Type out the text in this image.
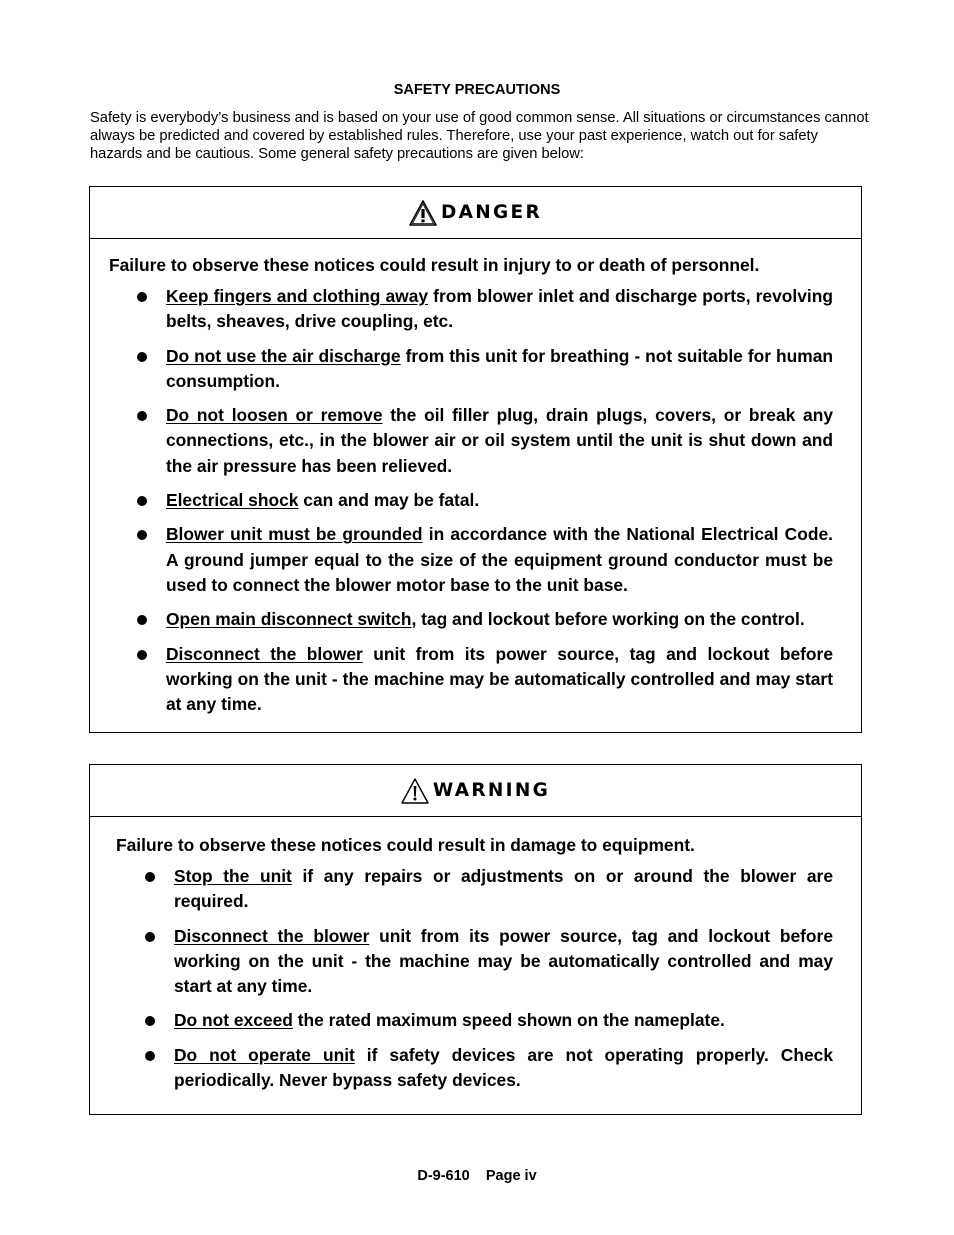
SAFETY PRECAUTIONS
Safety is everybody’s business and is based on your use of good common sense. All situations or circumstances cannot always be predicted and covered by established rules. Therefore, use your past experience, watch out for safety hazards and be cautious. Some general safety precautions are given below:
DANGER
Failure to observe these notices could result in injury to or death of personnel.
Keep fingers and clothing away from blower inlet and discharge ports, revolving belts, sheaves, drive coupling, etc.
Do not use the air discharge from this unit for breathing - not suitable for human consumption.
Do not loosen or remove the oil filler plug, drain plugs, covers, or break any connections, etc., in the blower air or oil system until the unit is shut down and the air pressure has been relieved.
Electrical shock can and may be fatal.
Blower unit must be grounded in accordance with the National Electrical Code. A ground jumper equal to the size of the equipment ground conductor must be used to connect the blower motor base to the unit base.
Open main disconnect switch, tag and lockout before working on the control.
Disconnect the blower unit from its power source, tag and lockout before working on the unit - the machine may be automatically controlled and may start at any time.
WARNING
Failure to observe these notices could result in damage to equipment.
Stop the unit if any repairs or adjustments on or around the blower are required.
Disconnect the blower unit from its power source, tag and lockout before working on the unit - the machine may be automatically controlled and may start at any time.
Do not exceed the rated maximum speed shown on the nameplate.
Do not operate unit if safety devices are not operating properly. Check periodically. Never bypass safety devices.
D-9-610 Page iv
